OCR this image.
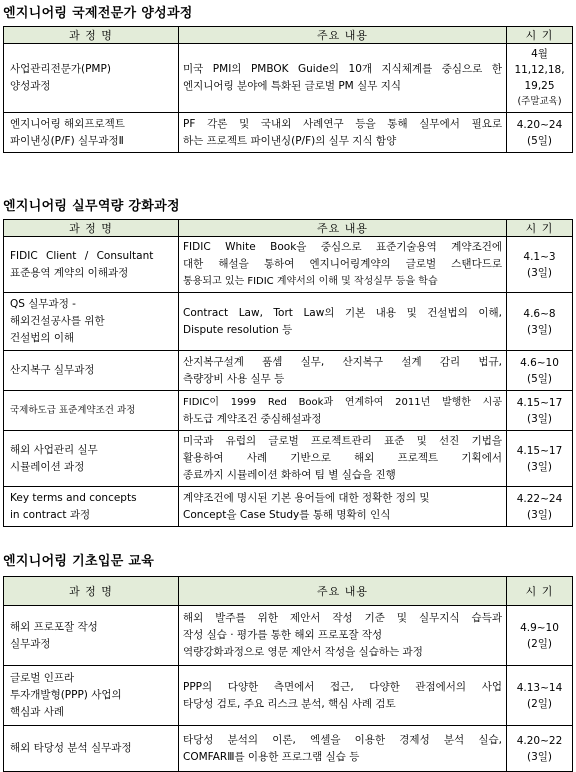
엔지니어링 국제전문가 양성과정
과 정 명	주요 내용	시 기

사업관리전문가(PMP)
양성과정	미국 PMI의 PMBOK Guide의 10개 지식체계를 중심으로 한
엔지니어링 분야에 특화된 글로벌 PM 실무 지식	4월
11,12,18,
19,25
(주말교육)

엔지니어링 해외프로젝트
파이낸싱(P/F) 실무과정Ⅱ	PF 각론 및 국내외 사례연구 등을 통해 실무에서 필요로
하는 프로젝트 파이낸싱(P/F)의 실무 지식 함양	4.20~24
(5일)
엔지니어링 실무역량 강화과정
과 정 명	주요 내용	시 기

FIDIC Client / Consultant
표준용역 계약의 이해과정	FIDIC White Book을 중심으로 표준기술용역 계약조건에
대한 해설을 통하여 엔지니어링계약의 글로벌 스탠다드로
통용되고 있는 FIDIC 계약서의 이해 및 작성실무 등을 학습	4.1~3
(3일)

QS 실무과정 -
해외건설공사를 위한
건설법의 이해	Contract Law, Tort Law의 기본 내용 및 건설법의 이해,
Dispute resolution 등	4.6~8
(3일)

산지복구 실무과정	산지복구설계 품셈 실무, 산지복구 설계 감리 법규,
측량장비 사용 실무 등	4.6~10
(5일)

국제하도급 표준계약조건 과정	FIDIC이 1999 Red Book과 연계하여 2011년 발행한 시공
하도급 계약조건 중심해설과정	4.15~17
(3일)

해외 사업관리 실무
시뮬레이션 과정	미국과 유럽의 글로벌 프로젝트관리 표준 및 선진 기법을
활용하여 사례 기반으로 해외 프로젝트 기획에서
종료까지 시뮬레이션 화하여 팀 별 실습을 진행	4.15~17
(3일)

Key terms and concepts
in contract 과정	계약조건에 명시된 기본 용어들에 대한 정확한 정의 및
Concept을 Case Study를 통해 명확히 인식	4.22~24
(3일)
엔지니어링 기초입문 교육
과 정 명	주요 내용	시 기

해외 프로포잘 작성
실무과정	해외 발주를 위한 제안서 작성 기준 및 실무지식 습득과
작성 실습 · 평가를 통한 해외 프로포잘 작성
역량강화과정으로 영문 제안서 작성을 실습하는 과정	4.9~10
(2일)

글로벌 인프라
투자개발형(PPP) 사업의
핵심과 사례	PPP의 다양한 측면에서 접근, 다양한 관점에서의 사업
타당성 검토, 주요 리스크 분석, 핵심 사례 검토	4.13~14
(2일)

해외 타당성 분석 실무과정	타당성 분석의 이론, 엑셀을 이용한 경제성 분석 실습,
COMFARⅢ를 이용한 프로그램 실습 등	4.20~22
(3일)
